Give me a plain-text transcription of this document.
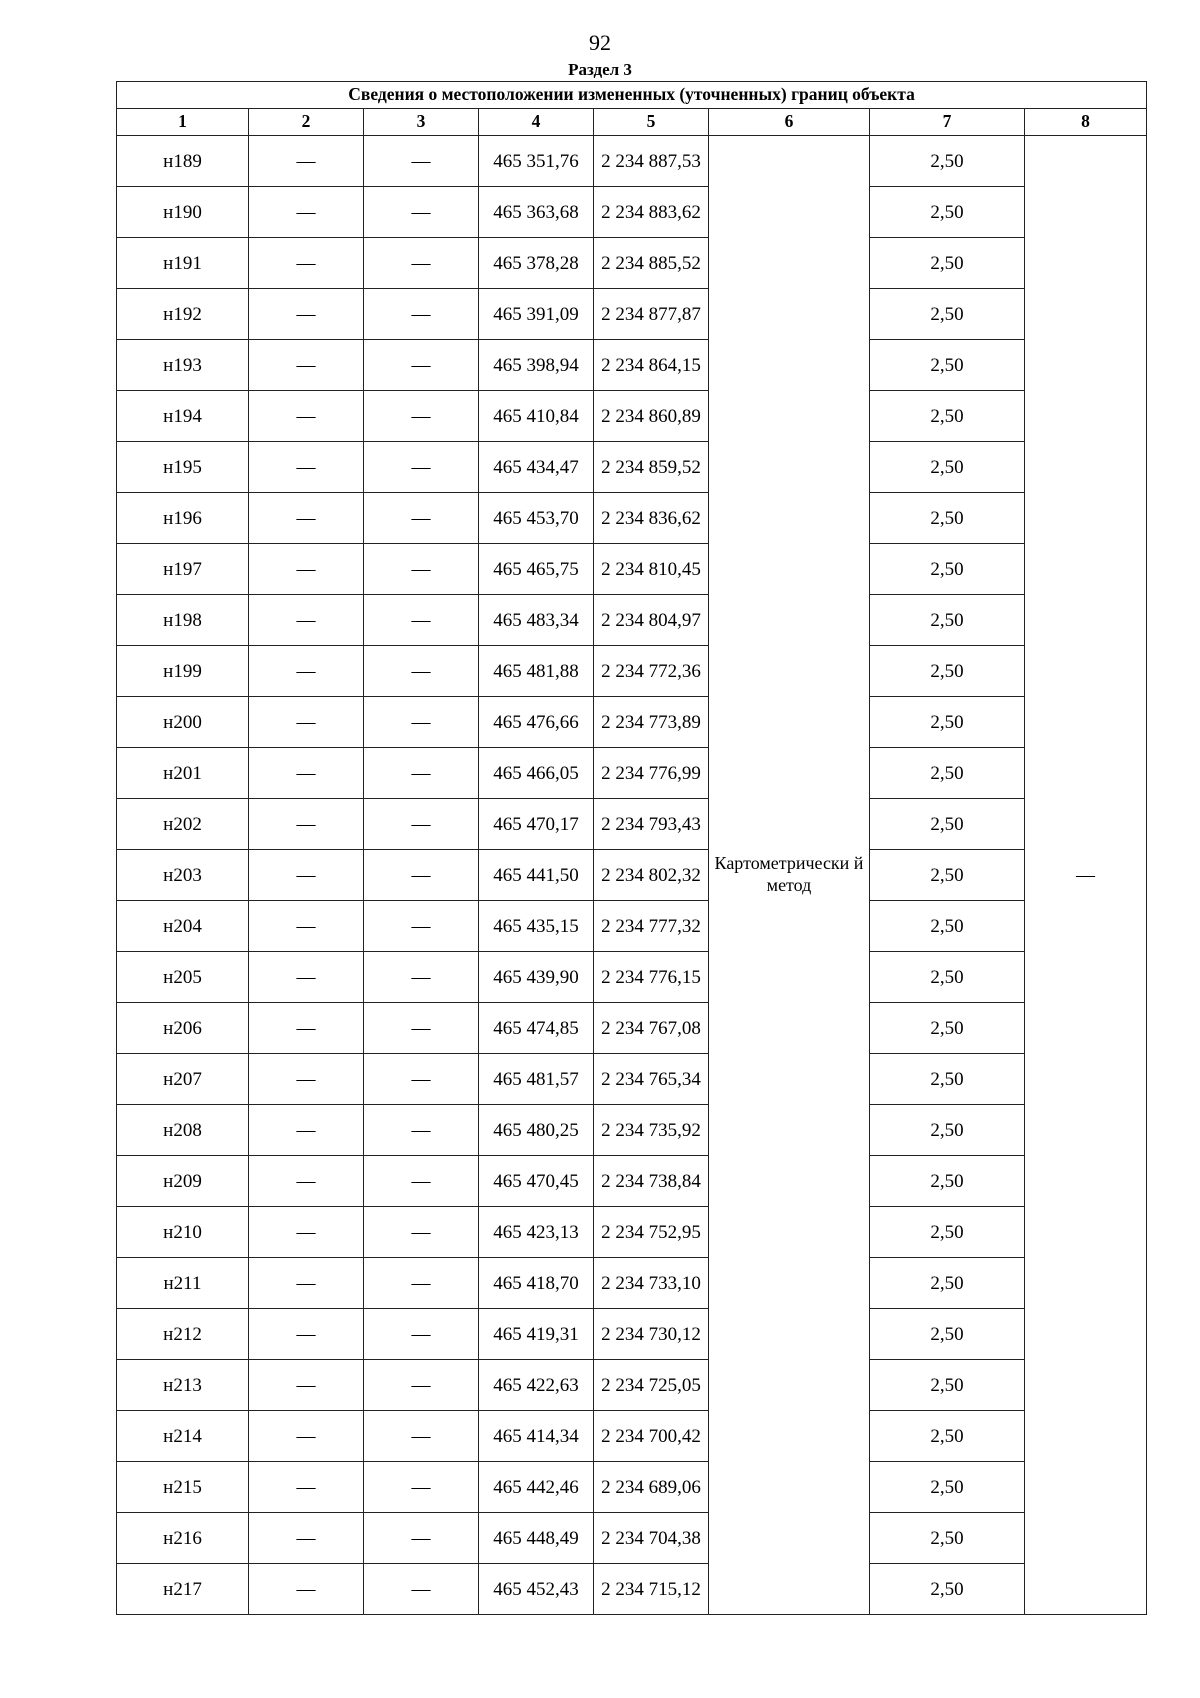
92
Раздел 3
Сведения о местоположении измененных (уточненных) границ объекта							
1	2	3	4	5	6	7	8
н189	—	—	465 351,76	2 234 887,53	Картометрически й метод	2,50	—
н190	—	—	465 363,68	2 234 883,62		2,50	
н191	—	—	465 378,28	2 234 885,52		2,50	
н192	—	—	465 391,09	2 234 877,87		2,50	
н193	—	—	465 398,94	2 234 864,15		2,50	
н194	—	—	465 410,84	2 234 860,89		2,50	
н195	—	—	465 434,47	2 234 859,52		2,50	
н196	—	—	465 453,70	2 234 836,62		2,50	
н197	—	—	465 465,75	2 234 810,45		2,50	
н198	—	—	465 483,34	2 234 804,97		2,50	
н199	—	—	465 481,88	2 234 772,36		2,50	
н200	—	—	465 476,66	2 234 773,89		2,50	
н201	—	—	465 466,05	2 234 776,99		2,50	
н202	—	—	465 470,17	2 234 793,43		2,50	
н203	—	—	465 441,50	2 234 802,32		2,50	
н204	—	—	465 435,15	2 234 777,32		2,50	
н205	—	—	465 439,90	2 234 776,15		2,50	
н206	—	—	465 474,85	2 234 767,08		2,50	
н207	—	—	465 481,57	2 234 765,34		2,50	
н208	—	—	465 480,25	2 234 735,92		2,50	
н209	—	—	465 470,45	2 234 738,84		2,50	
н210	—	—	465 423,13	2 234 752,95		2,50	
н211	—	—	465 418,70	2 234 733,10		2,50	
н212	—	—	465 419,31	2 234 730,12		2,50	
н213	—	—	465 422,63	2 234 725,05		2,50	
н214	—	—	465 414,34	2 234 700,42		2,50	
н215	—	—	465 442,46	2 234 689,06		2,50	
н216	—	—	465 448,49	2 234 704,38		2,50	
н217	—	—	465 452,43	2 234 715,12		2,50	
